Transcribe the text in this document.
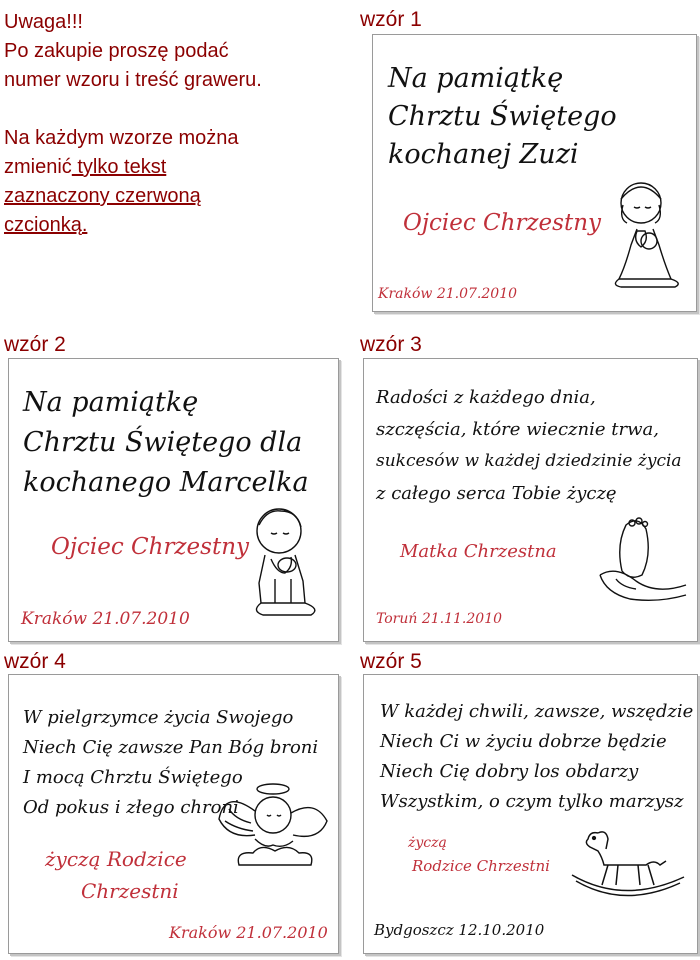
Uwaga!!!
Po zakupie proszę podać
numer wzoru i treść graweru.
Na każdym wzorze można
zmienić tylko tekst
zaznaczony czerwoną
czcionką.
wzór 1
Na pamiątkę
Chrztu Świętego
kochanej Zuzi
Ojciec Chrzestny
Kraków 21.07.2010
wzór 2
Na pamiątkę
Chrztu Świętego dla
kochanego Marcelka
Ojciec Chrzestny
Kraków 21.07.2010
wzór 3
Radości z każdego dnia,
szczęścia, które wiecznie trwa,
sukcesów w każdej dziedzinie życia
z całego serca Tobie życzę
Matka Chrzestna
Toruń 21.11.2010
wzór 4
W pielgrzymce życia Swojego
Niech Cię zawsze Pan Bóg broni
I mocą Chrztu Świętego
Od pokus i złego chroni
życzą Rodzice
Chrzestni
Kraków 21.07.2010
wzór 5
W każdej chwili, zawsze, wszędzie
Niech Ci w życiu dobrze będzie
Niech Cię dobry los obdarzy
Wszystkim, o czym tylko marzysz
życzą
Rodzice Chrzestni
Bydgoszcz 12.10.2010
